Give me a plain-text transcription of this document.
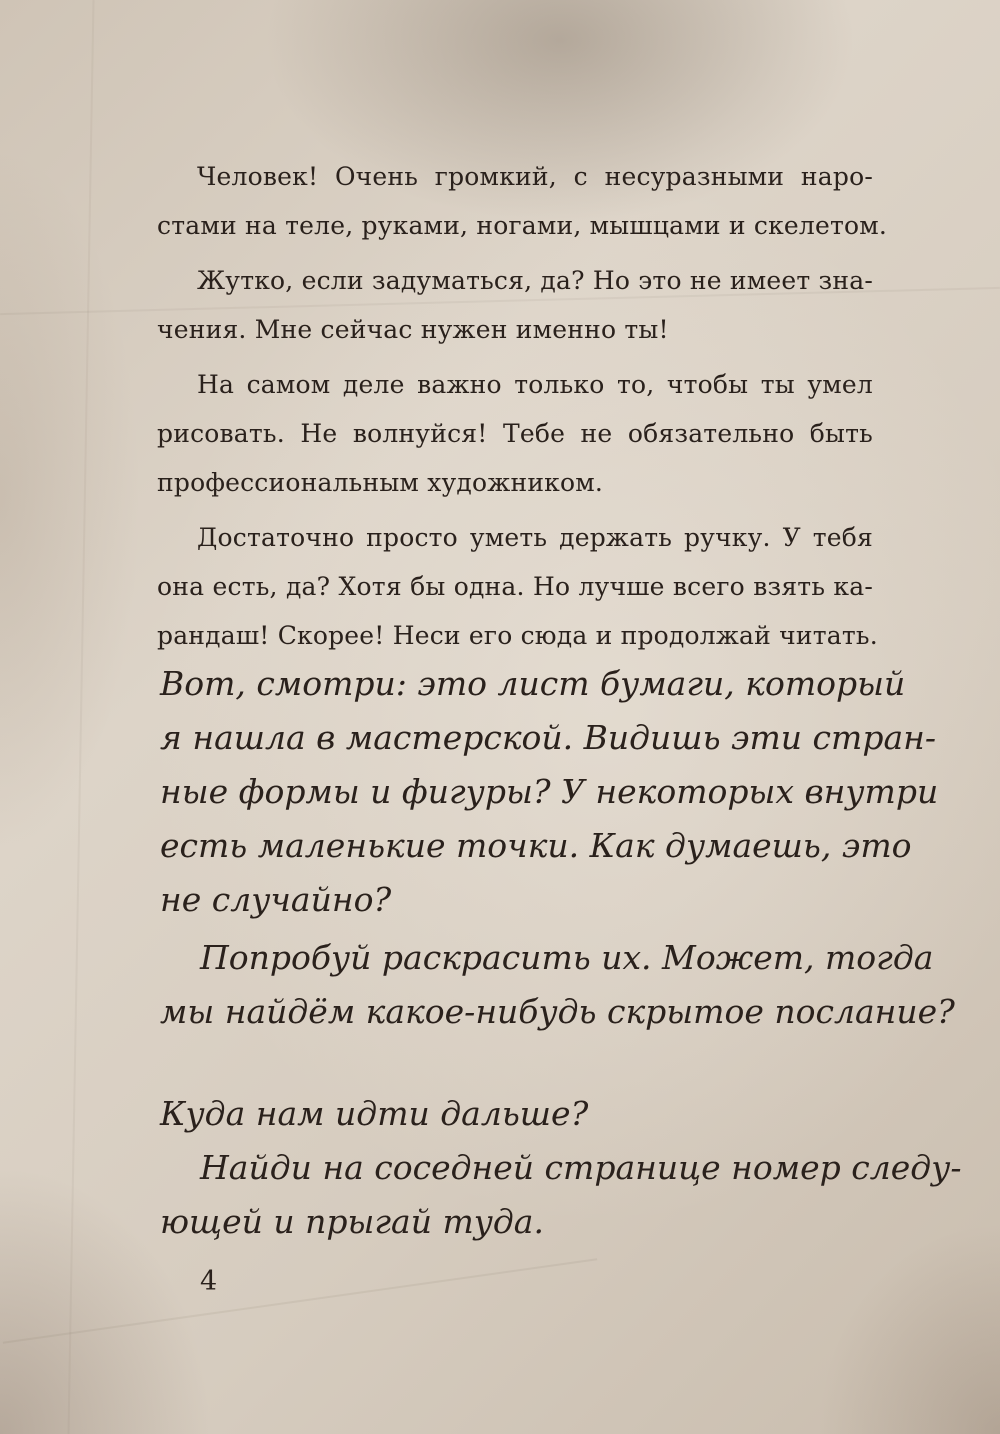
Человек! Очень громкий, с несуразными наро-
стами на теле, руками, ногами, мышцами и скелетом.
Жутко, если задуматься, да? Но это не имеет зна-
чения. Мне сейчас нужен именно ты!
На самом деле важно только то, чтобы ты умел
рисовать. Не волнуйся! Тебе не обязательно быть
профессиональным художником.
Достаточно просто уметь держать ручку. У тебя
она есть, да? Хотя бы одна. Но лучше всего взять ка-
рандаш! Скорее! Неси его сюда и продолжай читать.
Вот, смотри: это лист бумаги, который
я нашла в мастерской. Видишь эти стран-
ные формы и фигуры? У некоторых внутри
есть маленькие точки. Как думаешь, это
не случайно?
Попробуй раскрасить их. Может, тогда
мы найдём какое-нибудь скрытое послание?
Куда нам идти дальше?
Найди на соседней странице номер следу-
ющей и прыгай туда.
4
